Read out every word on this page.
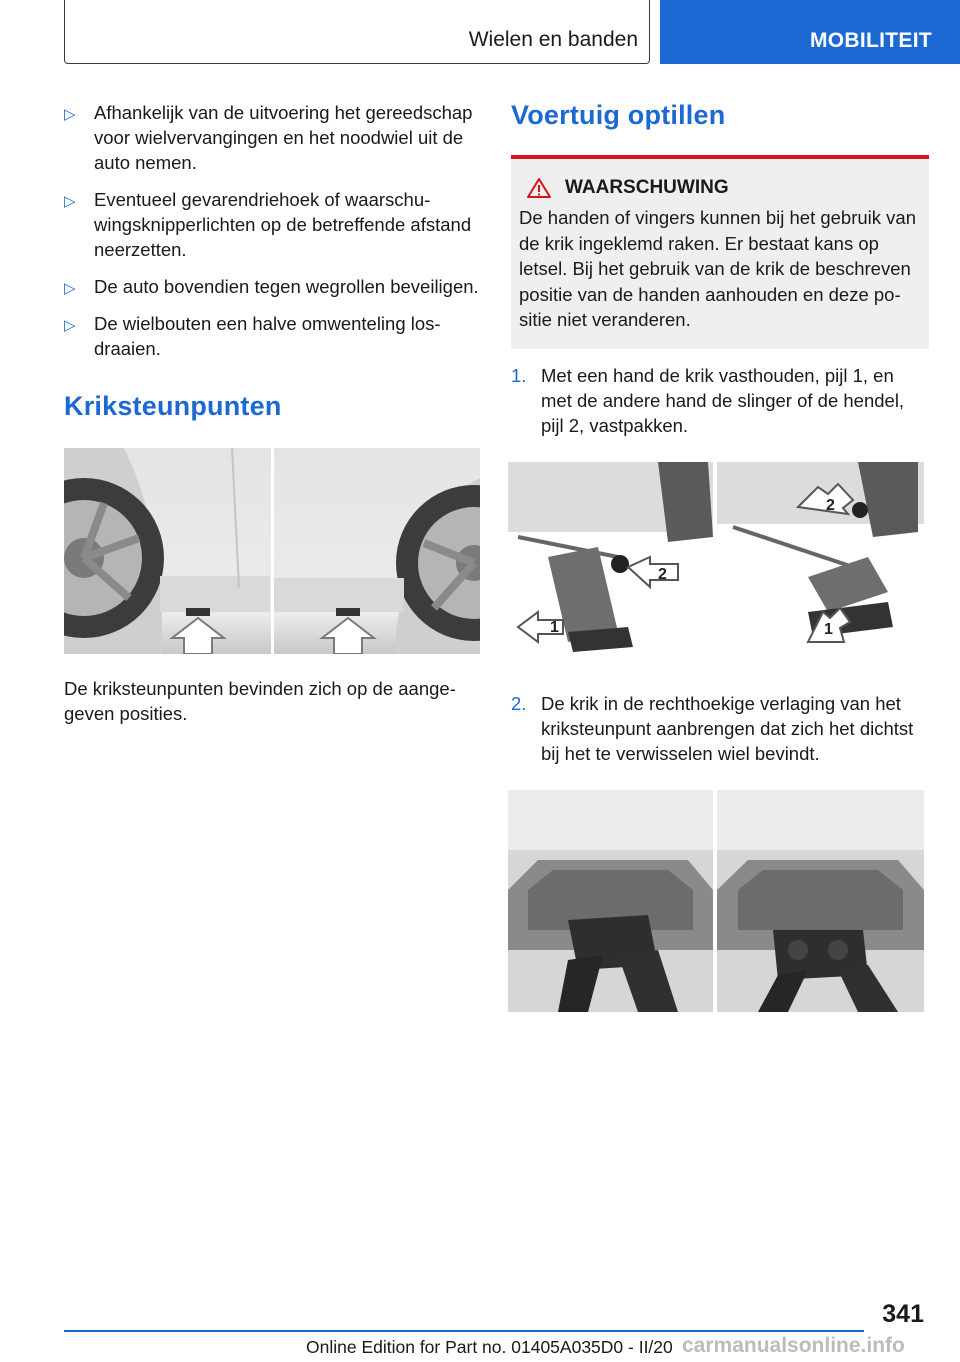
Wielen en banden	MOBILITEIT
▷ Afhankelijk van de uitvoering het gereedschap voor wielvervangingen en het noodwiel uit de auto nemen.
▷ Eventueel gevarendriehoek of waarschuwingsknipperlichten op de betreffende afstand neerzetten.
▷ De auto bovendien tegen wegrollen beveiligen.
▷ De wielbouten een halve omwenteling losdraaien.
Kriksteunpunten

De kriksteunpunten bevinden zich op de aangegeven posities.

Voertuig optillen
WAARSCHUWING

De handen of vingers kunnen bij het gebruik van de krik ingeklemd raken. Er bestaat kans op letsel. Bij het gebruik van de krik de beschreven positie van de handen aanhouden en deze positie niet veranderen.

1. Met een hand de krik vasthouden, pijl 1, en met de andere hand de slinger of de hendel, pijl 2, vastpakken.
1
2
2
1
2. De krik in de rechthoekige verlaging van het kriksteunpunt aanbrengen dat zich het dichtst bij het te verwisselen wiel bevindt.
341
Online Edition for Part no. 01405A035D0 - II/20 carmanualsonline.info
